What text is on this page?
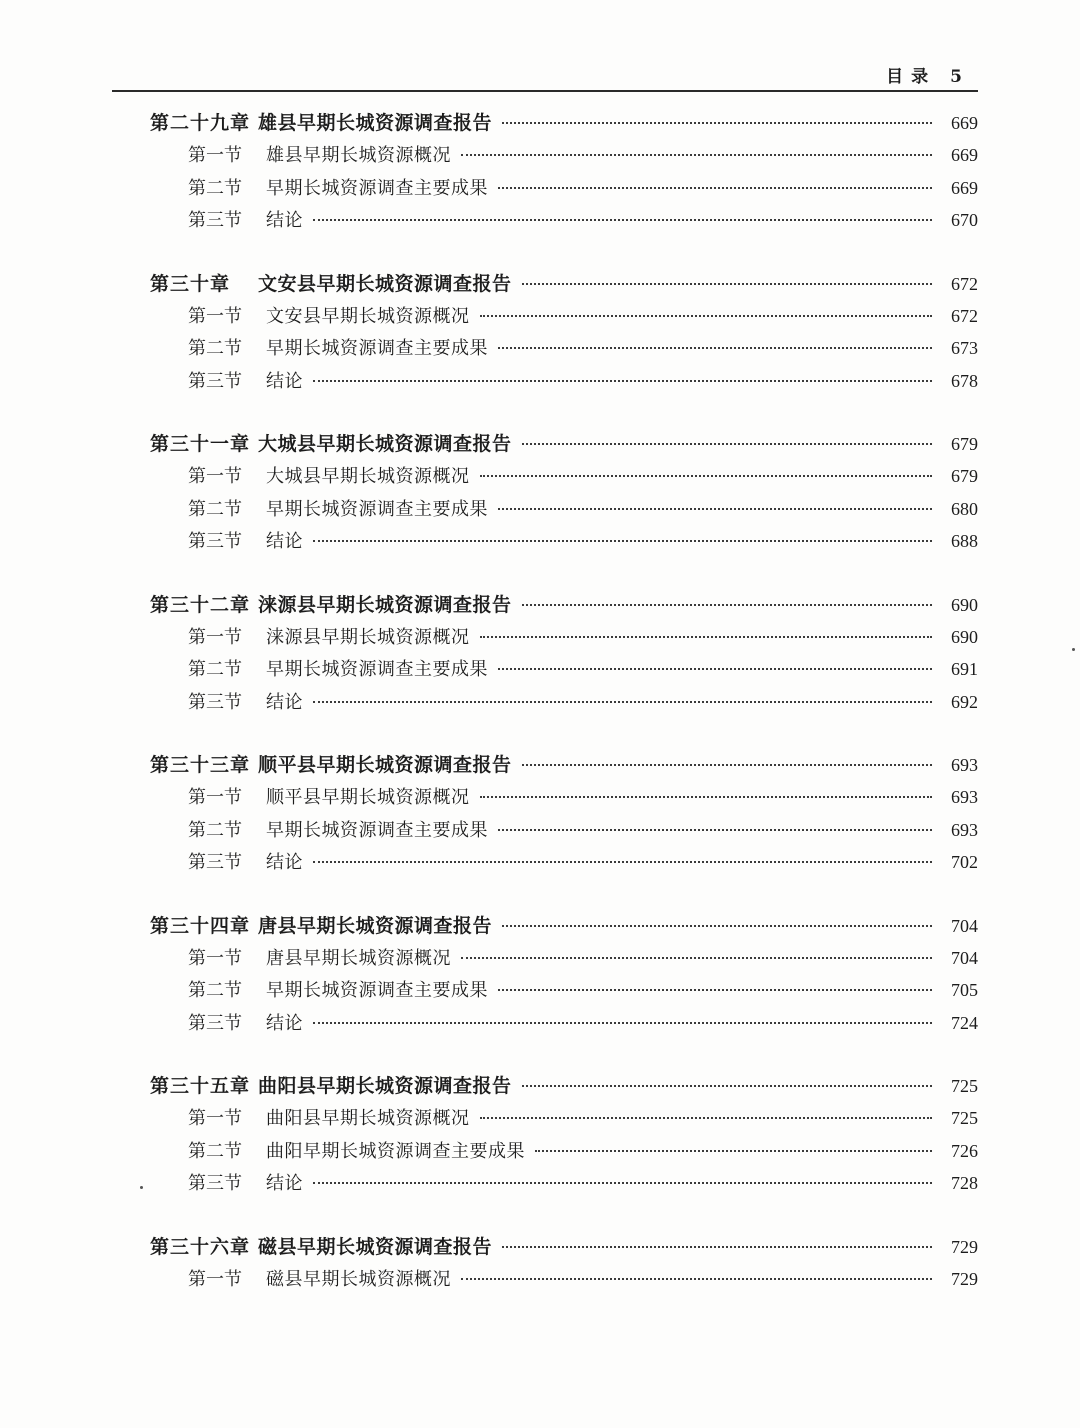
目录 5
第二十九章 雄县早期长城资源调查报告	669
第一节	雄县早期长城资源概况	669
第二节	早期长城资源调查主要成果	669
第三节	结论	670
第三十章	文安县早期长城资源调查报告	672
第一节	文安县早期长城资源概况	672
第二节	早期长城资源调查主要成果	673
第三节	结论	678
第三十一章 大城县早期长城资源调查报告	679
第一节	大城县早期长城资源概况	679
第二节	早期长城资源调查主要成果	680
第三节	结论	688
第三十二章 涞源县早期长城资源调查报告	690
第一节	涞源县早期长城资源概况	690
第二节	早期长城资源调查主要成果	691
第三节	结论	692
第三十三章 顺平县早期长城资源调查报告	693
第一节	顺平县早期长城资源概况	693
第二节	早期长城资源调查主要成果	693
第三节	结论	702
第三十四章 唐县早期长城资源调查报告	704
第一节	唐县早期长城资源概况	704
第二节	早期长城资源调查主要成果	705
第三节	结论	724
第三十五章 曲阳县早期长城资源调查报告	725
第一节	曲阳县早期长城资源概况	725
第二节	曲阳早期长城资源调查主要成果	726
第三节	结论	728
第三十六章 磁县早期长城资源调查报告	729
第一节	磁县早期长城资源概况	729
